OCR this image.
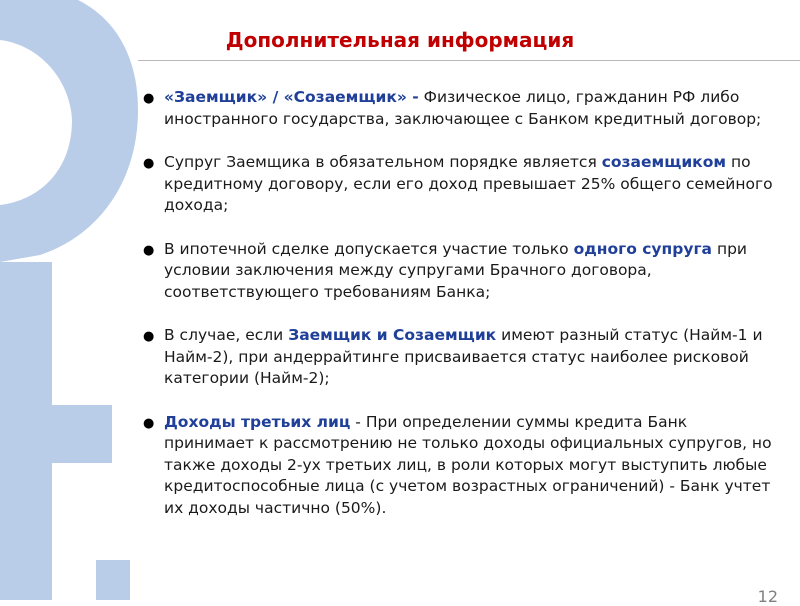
Дополнительная информация
● «Заемщик» / «Созаемщик» - Физическое лицо, гражданин РФ либо иностранного государства, заключающее с Банком кредитный договор;
● Супруг Заемщика в обязательном порядке является созаемщиком по кредитному договору, если его доход превышает 25% общего семейного дохода;
● В ипотечной сделке допускается участие только одного супруга при условии заключения между супругами Брачного договора, соответствующего требованиям Банка;
● В случае, если Заемщик и Созаемщик имеют разный статус (Найм-1 и Найм-2), при андеррайтинге присваивается статус наиболее рисковой категории (Найм-2);
● Доходы третьих лиц - При определении суммы кредита Банк принимает к рассмотрению не только доходы официальных супругов, но также доходы 2-ух третьих лиц, в роли которых могут выступить любые кредитоспособные лица (с учетом возрастных ограничений) - Банк учтет их доходы частично (50%).
12
